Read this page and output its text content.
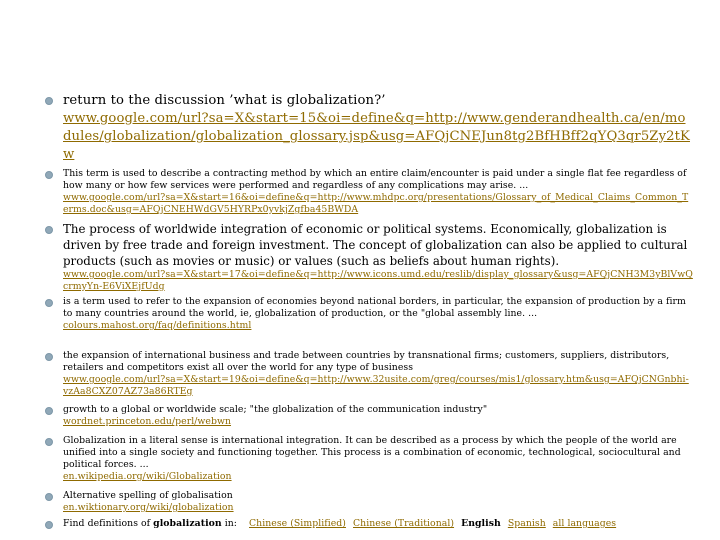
return to the discussion ’what is globalization?’
www.google.com/url?sa=X&start=15&oi=define&q=http://www.genderandhealth.ca/en/modules/globalization/globalization_glossary.jsp&usg=AFQjCNEJun8tg2BfHBff2qYQ3qr5Zy2tKw
This term is used to describe a contracting method by which an entire claim/encounter is paid under a single flat fee regardless of how many or how few services were performed and regardless of any complications may arise. ...
www.google.com/url?sa=X&start=16&oi=define&q=http://www.mhdpc.org/presentations/Glossary_of_Medical_Claims_Common_Terms.doc&usg=AFQjCNEHWdGV5HYRPx0yvkjZgfba45BWDA
The process of worldwide integration of economic or political systems. Economically, globalization is driven by free trade and foreign investment. The concept of globalization can also be applied to cultural products (such as movies or music) or values (such as beliefs about human rights).
www.google.com/url?sa=X&start=17&oi=define&q=http://www.icons.umd.edu/reslib/display_glossary&usg=AFQjCNH3M3yBlVwQcrmyYn-E6ViXEjfUdg
is a term used to refer to the expansion of economies beyond national borders, in particular, the expansion of production by a firm to many countries around the world, ie, globalization of production, or the "global assembly line. ...
colours.mahost.org/faq/definitions.html
the expansion of international business and trade between countries by transnational firms; customers, suppliers, distributors, retailers and competitors exist all over the world for any type of business
www.google.com/url?sa=X&start=19&oi=define&q=http://www.32usite.com/greg/courses/mis1/glossary.htm&usg=AFQjCNGnbhi-vzAa8CXZ07AZ73a86RTEg
growth to a global or worldwide scale; "the globalization of the communication industry"
wordnet.princeton.edu/perl/webwn
Globalization in a literal sense is international integration. It can be described as a process by which the people of the world are unified into a single society and functioning together. This process is a combination of economic, technological, sociocultural and political forces. ...
en.wikipedia.org/wiki/Globalization
Alternative spelling of globalisation
en.wiktionary.org/wiki/globalization
Find definitions of globalization in: Chinese (Simplified) Chinese (Traditional) English Spanish all languages
